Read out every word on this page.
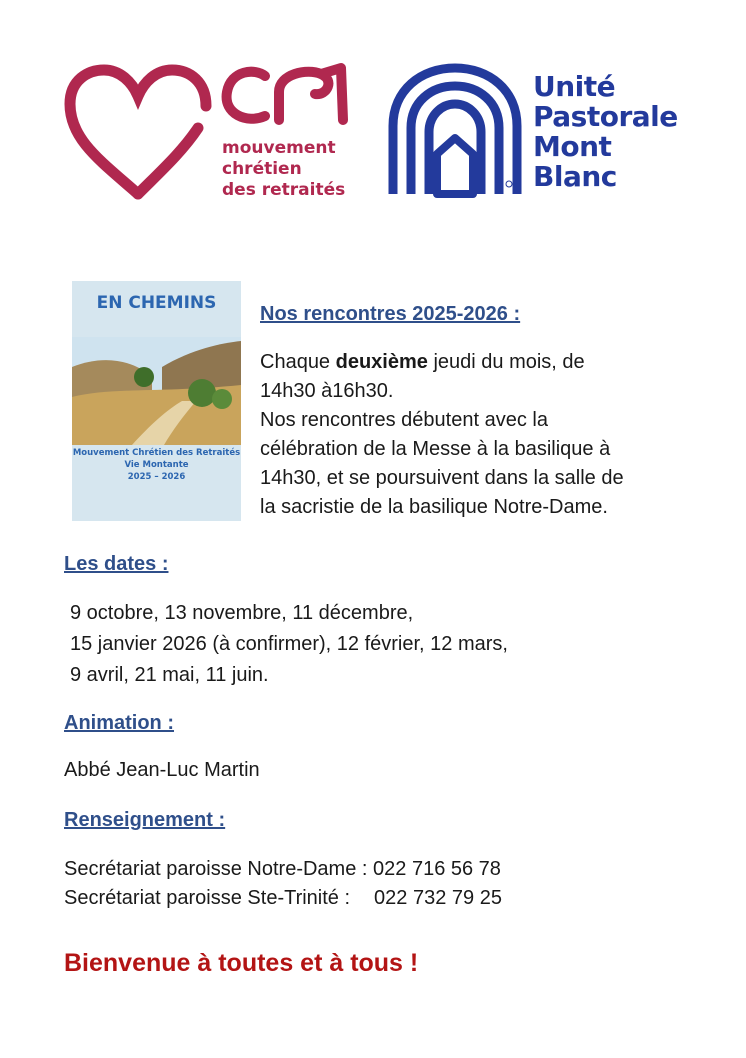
mouvement
chrétien
des retraités
Unité
Pastorale
Mont
Blanc
EN CHEMINS
Mouvement Chrétien des Retraités
Vie Montante
2025 – 2026
Nos rencontres 2025-2026 :
Chaque deuxième jeudi du mois, de
14h30 à16h30.
Nos rencontres débutent avec la
célébration de la Messe à la basilique à
14h30, et se poursuivent dans la salle de
la sacristie de la basilique Notre-Dame.
Les dates :
9 octobre, 13 novembre, 11 décembre,
15 janvier 2026 (à confirmer), 12 février, 12 mars,
9 avril, 21 mai, 11 juin.
Animation :
Abbé Jean-Luc Martin
Renseignement :
Secrétariat paroisse Notre-Dame : 022 716 56 78
Secrétariat paroisse Ste-Trinité : 022 732 79 25
Bienvenue à toutes et à tous !
